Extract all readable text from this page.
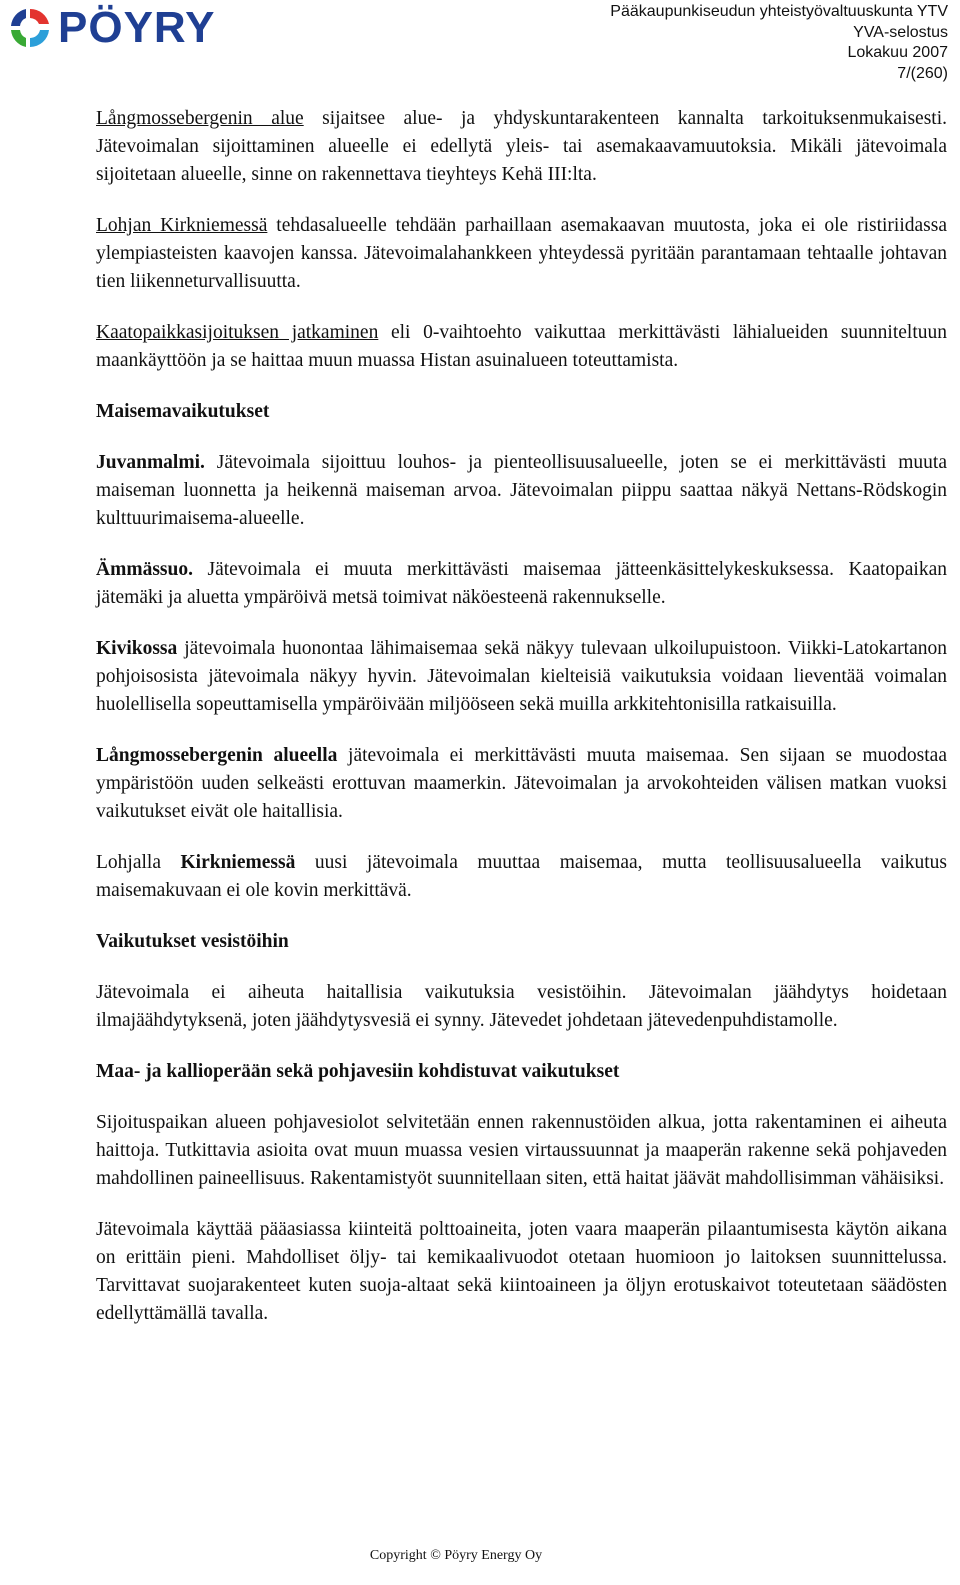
PÖYRY	Pääkaupunkiseudun yhteistyövaltuuskunta YTV
YVA-selostus
Lokakuu 2007
7/(260)

Långmossebergenin alue sijaitsee alue- ja yhdyskuntarakenteen kannalta tarkoituksenmukaisesti. Jätevoimalan sijoittaminen alueelle ei edellytä yleis- tai asemakaavamuutoksia. Mikäli jätevoimala sijoitetaan alueelle, sinne on rakennettava tieyhteys Kehä III:lta.

Lohjan Kirkniemessä tehdasalueelle tehdään parhaillaan asemakaavan muutosta, joka ei ole ristiriidassa ylempiasteisten kaavojen kanssa. Jätevoimalahankkeen yhteydessä pyritään parantamaan tehtaalle johtavan tien liikenneturvallisuutta.

Kaatopaikkasijoituksen jatkaminen eli 0-vaihtoehto vaikuttaa merkittävästi lähialueiden suunniteltuun maankäyttöön ja se haittaa muun muassa Histan asuinalueen toteuttamista.

Maisemavaikutukset

Juvanmalmi. Jätevoimala sijoittuu louhos- ja pienteollisuusalueelle, joten se ei merkittävästi muuta maiseman luonnetta ja heikennä maiseman arvoa. Jätevoimalan piippu saattaa näkyä Nettans-Rödskogin kulttuurimaisema-alueelle.

Ämmässuo. Jätevoimala ei muuta merkittävästi maisemaa jätteenkäsittelykeskuksessa. Kaatopaikan jätemäki ja aluetta ympäröivä metsä toimivat näköesteenä rakennukselle.

Kivikossa jätevoimala huonontaa lähimaisemaa sekä näkyy tulevaan ulkoilupuistoon. Viikki-Latokartanon pohjoisosista jätevoimala näkyy hyvin. Jätevoimalan kielteisiä vaikutuksia voidaan lieventää voimalan huolellisella sopeuttamisella ympäröivään miljööseen sekä muilla arkkitehtonisilla ratkaisuilla.

Långmossebergenin alueella jätevoimala ei merkittävästi muuta maisemaa. Sen sijaan se muodostaa ympäristöön uuden selkeästi erottuvan maamerkin. Jätevoimalan ja arvokohteiden välisen matkan vuoksi vaikutukset eivät ole haitallisia.

Lohjalla Kirkniemessä uusi jätevoimala muuttaa maisemaa, mutta teollisuusalueella vaikutus maisemakuvaan ei ole kovin merkittävä.

Vaikutukset vesistöihin

Jätevoimala ei aiheuta haitallisia vaikutuksia vesistöihin. Jätevoimalan jäähdytys hoidetaan ilmajäähdytyksenä, joten jäähdytysvesiä ei synny. Jätevedet johdetaan jätevedenpuhdistamolle.

Maa- ja kallioperään sekä pohjavesiin kohdistuvat vaikutukset

Sijoituspaikan alueen pohjavesiolot selvitetään ennen rakennustöiden alkua, jotta rakentaminen ei aiheuta haittoja. Tutkittavia asioita ovat muun muassa vesien virtaussuunnat ja maaperän rakenne sekä pohjaveden mahdollinen paineellisuus. Rakentamistyöt suunnitellaan siten, että haitat jäävät mahdollisimman vähäisiksi.

Jätevoimala käyttää pääasiassa kiinteitä polttoaineita, joten vaara maaperän pilaantumisesta käytön aikana on erittäin pieni. Mahdolliset öljy- tai kemikaalivuodot otetaan huomioon jo laitoksen suunnittelussa. Tarvittavat suojarakenteet kuten suoja-altaat sekä kiintoaineen ja öljyn erotuskaivot toteutetaan säädösten edellyttämällä tavalla.

Copyright © Pöyry Energy Oy
